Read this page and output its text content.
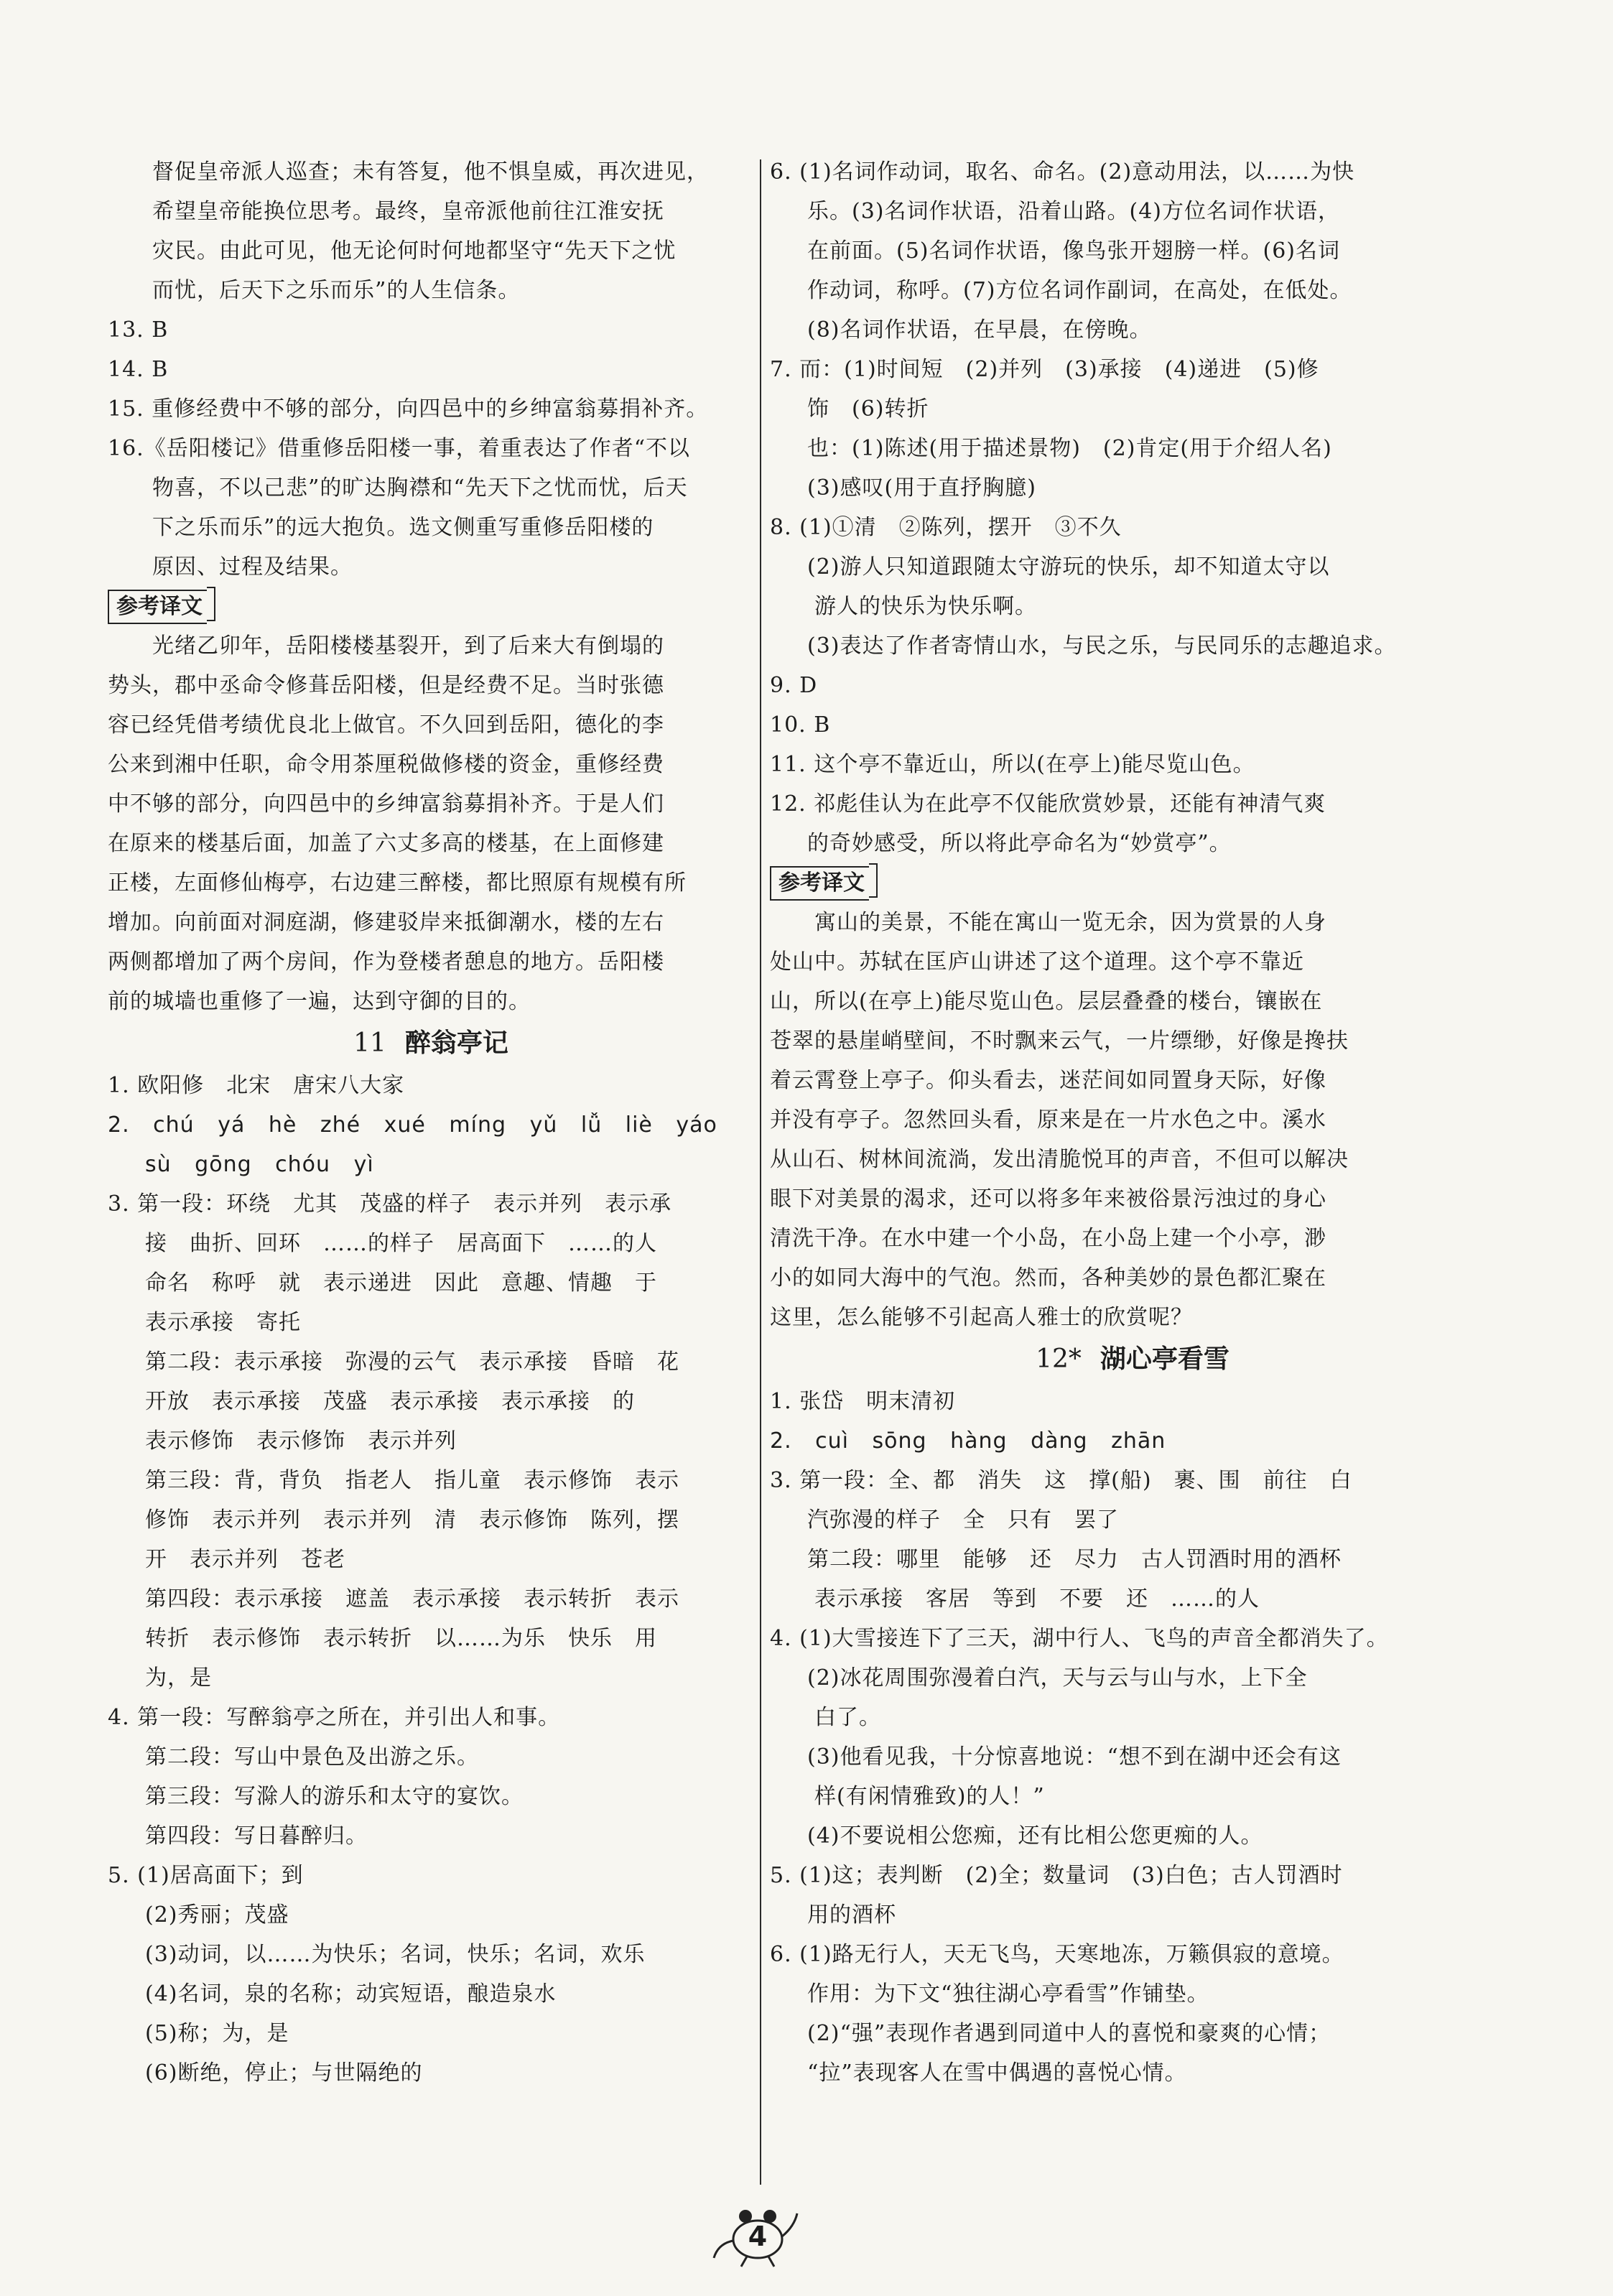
督促皇帝派人巡查；未有答复，他不惧皇威，再次进见，
希望皇帝能换位思考。最终，皇帝派他前往江淮安抚
灾民。由此可见，他无论何时何地都坚守“先天下之忧
而忧，后天下之乐而乐”的人生信条。
13. B
14. B
15. 重修经费中不够的部分，向四邑中的乡绅富翁募捐补齐。
16.《岳阳楼记》借重修岳阳楼一事，着重表达了作者“不以
物喜，不以己悲”的旷达胸襟和“先天下之忧而忧，后天
下之乐而乐”的远大抱负。选文侧重写重修岳阳楼的
原因、过程及结果。
参考译文
　　光绪乙卯年，岳阳楼楼基裂开，到了后来大有倒塌的
势头，郡中丞命令修葺岳阳楼，但是经费不足。当时张德
容已经凭借考绩优良北上做官。不久回到岳阳，德化的李
公来到湘中任职，命令用茶厘税做修楼的资金，重修经费
中不够的部分，向四邑中的乡绅富翁募捐补齐。于是人们
在原来的楼基后面，加盖了六丈多高的楼基，在上面修建
正楼，左面修仙梅亭，右边建三醉楼，都比照原有规模有所
增加。向前面对洞庭湖，修建驳岸来抵御潮水，楼的左右
两侧都增加了两个房间，作为登楼者憩息的地方。岳阳楼
前的城墙也重修了一遍，达到守御的目的。
11 醉翁亭记
1. 欧阳修　北宋　唐宋八大家
2. chú yá hè zhé xué míng yǔ lǚ liè yáo
sù gōng chóu yì
3. 第一段：环绕　尤其　茂盛的样子　表示并列　表示承
接　曲折、回环　……的样子　居高面下　……的人
命名　称呼　就　表示递进　因此　意趣、情趣　于
表示承接　寄托
第二段：表示承接　弥漫的云气　表示承接　昏暗　花
开放　表示承接　茂盛　表示承接　表示承接　的
表示修饰　表示修饰　表示并列
第三段：背，背负　指老人　指儿童　表示修饰　表示
修饰　表示并列　表示并列　清　表示修饰　陈列，摆
开　表示并列　苍老
第四段：表示承接　遮盖　表示承接　表示转折　表示
转折　表示修饰　表示转折　以……为乐　快乐　用
为，是
4. 第一段：写醉翁亭之所在，并引出人和事。
第二段：写山中景色及出游之乐。
第三段：写滁人的游乐和太守的宴饮。
第四段：写日暮醉归。
5. (1)居高面下；到
(2)秀丽；茂盛
(3)动词，以……为快乐；名词，快乐；名词，欢乐
(4)名词，泉的名称；动宾短语，酿造泉水
(5)称；为，是
(6)断绝，停止；与世隔绝的
6. (1)名词作动词，取名、命名。(2)意动用法，以……为快
乐。(3)名词作状语，沿着山路。(4)方位名词作状语，
在前面。(5)名词作状语，像鸟张开翅膀一样。(6)名词
作动词，称呼。(7)方位名词作副词，在高处，在低处。
(8)名词作状语，在早晨，在傍晚。
7. 而：(1)时间短　(2)并列　(3)承接　(4)递进　(5)修
饰　(6)转折
也：(1)陈述(用于描述景物)　(2)肯定(用于介绍人名)
(3)感叹(用于直抒胸臆)
8. (1)①清　②陈列，摆开　③不久
(2)游人只知道跟随太守游玩的快乐，却不知道太守以
游人的快乐为快乐啊。
(3)表达了作者寄情山水，与民之乐，与民同乐的志趣追求。
9. D
10. B
11. 这个亭不靠近山，所以(在亭上)能尽览山色。
12. 祁彪佳认为在此亭不仅能欣赏妙景，还能有神清气爽
的奇妙感受，所以将此亭命名为“妙赏亭”。
参考译文
　　寓山的美景，不能在寓山一览无余，因为赏景的人身
处山中。苏轼在匡庐山讲述了这个道理。这个亭不靠近
山，所以(在亭上)能尽览山色。层层叠叠的楼台，镶嵌在
苍翠的悬崖峭壁间，不时飘来云气，一片缥缈，好像是搀扶
着云霄登上亭子。仰头看去，迷茫间如同置身天际，好像
并没有亭子。忽然回头看，原来是在一片水色之中。溪水
从山石、树林间流淌，发出清脆悦耳的声音，不但可以解决
眼下对美景的渴求，还可以将多年来被俗景污浊过的身心
清洗干净。在水中建一个小岛，在小岛上建一个小亭，渺
小的如同大海中的气泡。然而，各种美妙的景色都汇聚在
这里，怎么能够不引起高人雅士的欣赏呢？
12* 湖心亭看雪
1. 张岱　明末清初
2. cuì sōng hàng dàng zhān
3. 第一段：全、都　消失　这　撑(船)　裹、围　前往　白
汽弥漫的样子　全　只有　罢了
第二段：哪里　能够　还　尽力　古人罚酒时用的酒杯
表示承接　客居　等到　不要　还　……的人
4. (1)大雪接连下了三天，湖中行人、飞鸟的声音全都消失了。
(2)冰花周围弥漫着白汽，天与云与山与水，上下全
白了。
(3)他看见我，十分惊喜地说：“想不到在湖中还会有这
样(有闲情雅致)的人！”
(4)不要说相公您痴，还有比相公您更痴的人。
5. (1)这；表判断　(2)全；数量词　(3)白色；古人罚酒时
用的酒杯
6. (1)路无行人，天无飞鸟，天寒地冻，万籁俱寂的意境。
作用：为下文“独往湖心亭看雪”作铺垫。
(2)“强”表现作者遇到同道中人的喜悦和豪爽的心情；
“拉”表现客人在雪中偶遇的喜悦心情。
4
